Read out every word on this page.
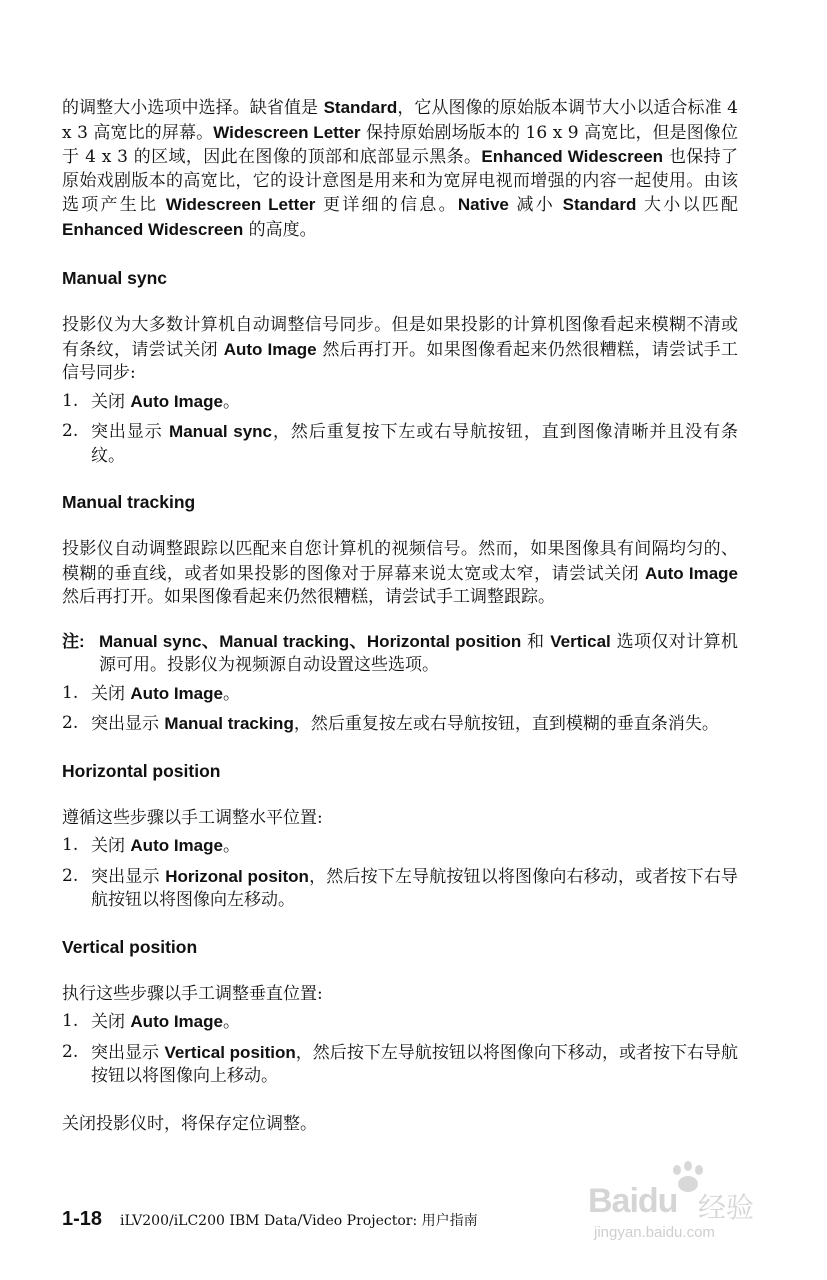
的调整大小选项中选择。缺省值是 Standard，它从图像的原始版本调节大小以适合标准 4 x 3 高宽比的屏幕。Widescreen Letter 保持原始剧场版本的 16 x 9 高宽比，但是图像位于 4 x 3 的区域，因此在图像的顶部和底部显示黑条。Enhanced Widescreen 也保持了原始戏剧版本的高宽比，它的设计意图是用来和为宽屏电视而增强的内容一起使用。由该选项产生比 Widescreen Letter 更详细的信息。Native 减小 Standard 大小以匹配 Enhanced Widescreen 的高度。

Manual sync

投影仪为大多数计算机自动调整信号同步。但是如果投影的计算机图像看起来模糊不清或有条纹，请尝试关闭 Auto Image 然后再打开。如果图像看起来仍然很糟糕，请尝试手工信号同步:

1. 关闭 Auto Image。
2. 突出显示 Manual sync，然后重复按下左或右导航按钮，直到图像清晰并且没有条纹。
Manual tracking

投影仪自动调整跟踪以匹配来自您计算机的视频信号。然而，如果图像具有间隔均匀的、模糊的垂直线，或者如果投影的图像对于屏幕来说太宽或太窄，请尝试关闭 Auto Image 然后再打开。如果图像看起来仍然很糟糕，请尝试手工调整跟踪。

注: Manual sync、Manual tracking、Horizontal position 和 Vertical 选项仅对计算机源可用。投影仪为视频源自动设置这些选项。
1. 关闭 Auto Image。
2. 突出显示 Manual tracking，然后重复按左或右导航按钮，直到模糊的垂直条消失。
Horizontal position

遵循这些步骤以手工调整水平位置:

1. 关闭 Auto Image。
2. 突出显示 Horizonal positon，然后按下左导航按钮以将图像向右移动，或者按下右导航按钮以将图像向左移动。
Vertical position

执行这些步骤以手工调整垂直位置:

1. 关闭 Auto Image。
2. 突出显示 Vertical position，然后按下左导航按钮以将图像向下移动，或者按下右导航按钮以将图像向上移动。

关闭投影仪时，将保存定位调整。

1-18 iLV200/iLC200 IBM Data/Video Projector: 用户指南
Baidu 经验
jingyan.baidu.com
